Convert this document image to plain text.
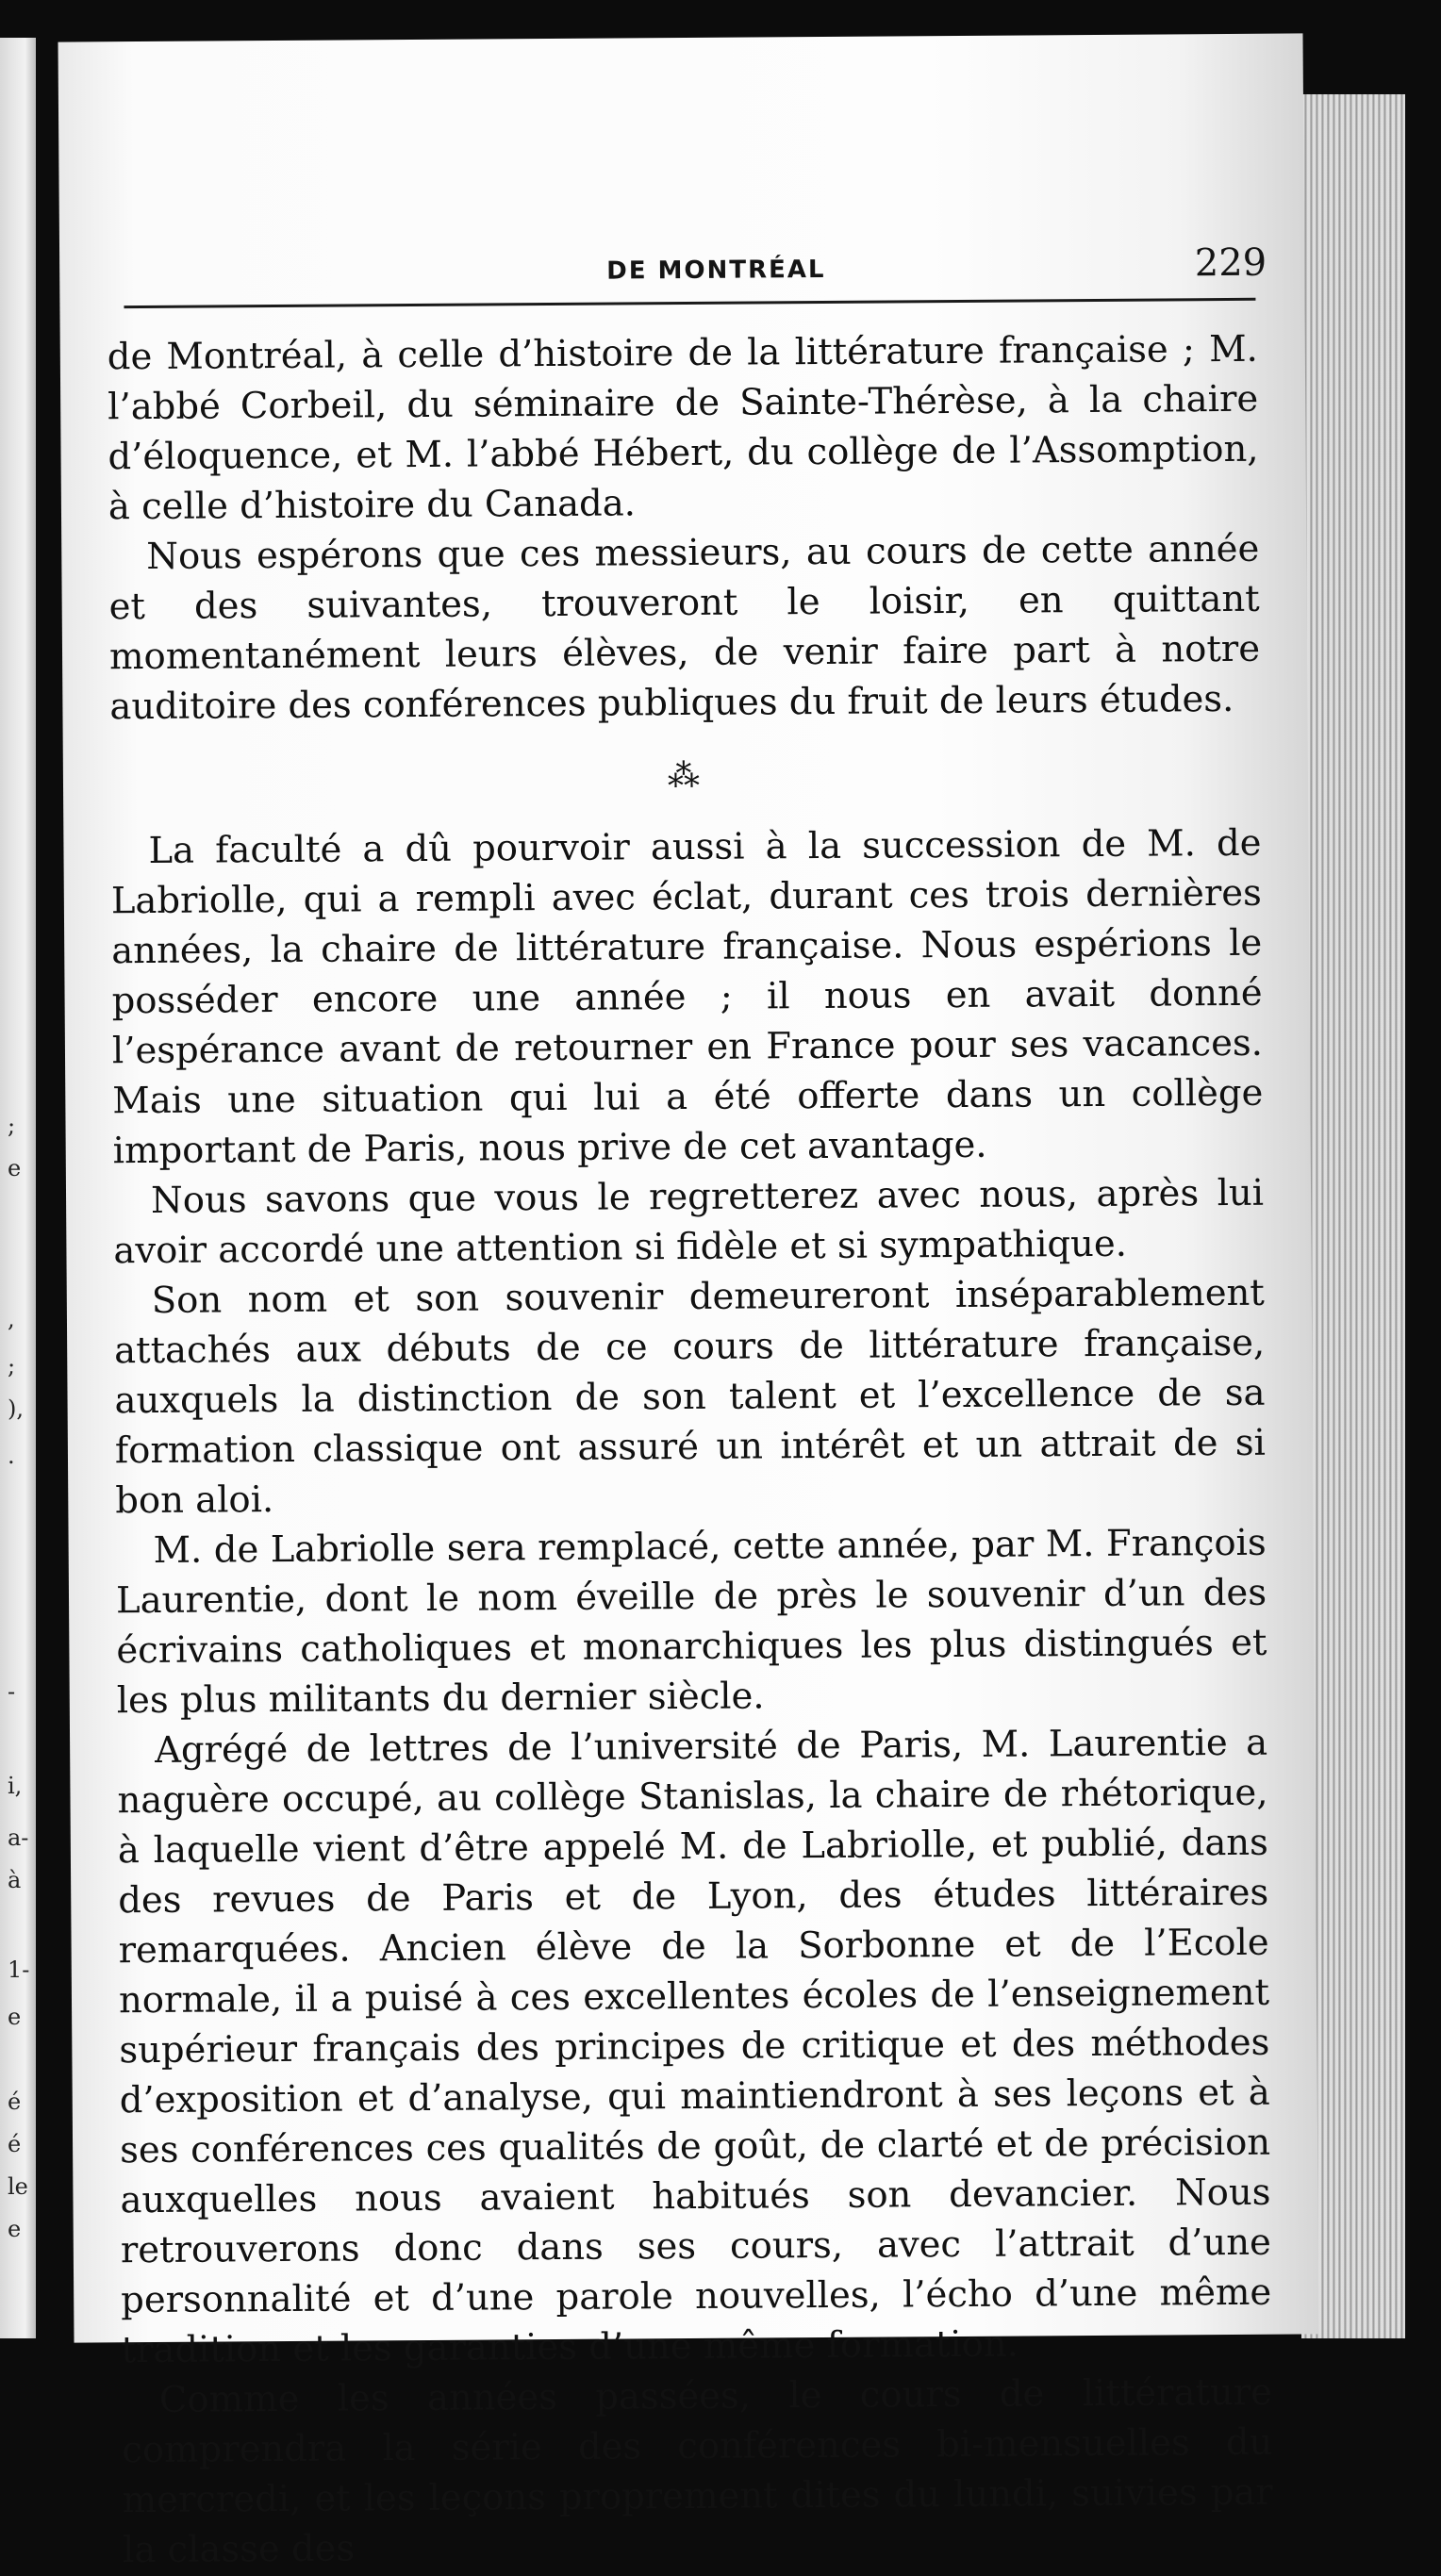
;
e
,
;
),
.
-
i,
a-
à
1-
e
é
é
le
e
DE MONTRÉAL	229

de Montréal, à celle d’histoire de la littérature française ; M. l’abbé Corbeil, du séminaire de Sainte-Thérèse, à la chaire d’éloquence, et M. l’abbé Hébert, du collège de l’Assomption, à celle d’histoire du Canada.

Nous espérons que ces messieurs, au cours de cette année et des suivantes, trouveront le loisir, en quittant momentanément leurs élèves, de venir faire part à notre auditoire des conférences publiques du fruit de leurs études.

⁂

La faculté a dû pourvoir aussi à la succession de M. de Labriolle, qui a rempli avec éclat, durant ces trois dernières années, la chaire de littérature française. Nous espérions le posséder encore une année ; il nous en avait donné l’espérance avant de retourner en France pour ses vacances. Mais une situation qui lui a été offerte dans un collège important de Paris, nous prive de cet avantage.

Nous savons que vous le regretterez avec nous, après lui avoir accordé une attention si fidèle et si sympathique.

Son nom et son souvenir demeureront inséparablement attachés aux débuts de ce cours de littérature française, auxquels la distinction de son talent et l’excellence de sa formation classique ont assuré un intérêt et un attrait de si bon aloi.

M. de Labriolle sera remplacé, cette année, par M. François Laurentie, dont le nom éveille de près le souvenir d’un des écrivains catholiques et monarchiques les plus distingués et les plus militants du dernier siècle.

Agrégé de lettres de l’université de Paris, M. Laurentie a naguère occupé, au collège Stanislas, la chaire de rhétorique, à laquelle vient d’être appelé M. de Labriolle, et publié, dans des revues de Paris et de Lyon, des études littéraires remarquées. Ancien élève de la Sorbonne et de l’Ecole normale, il a puisé à ces excellentes écoles de l’enseignement supérieur français des principes de critique et des méthodes d’exposition et d’analyse, qui maintiendront à ses leçons et à ses conférences ces qualités de goût, de clarté et de précision auxquelles nous avaient habitués son devancier. Nous retrouverons donc dans ses cours, avec l’attrait d’une personnalité et d’une parole nouvelles, l’écho d’une même tradition et les garanties d’une même formation.

Comme les années passées, le cours de littérature comprendra la série des conférences bi-mensuelles du mercredi, et les leçons proprement dites du lundi, suivies par la classe des
